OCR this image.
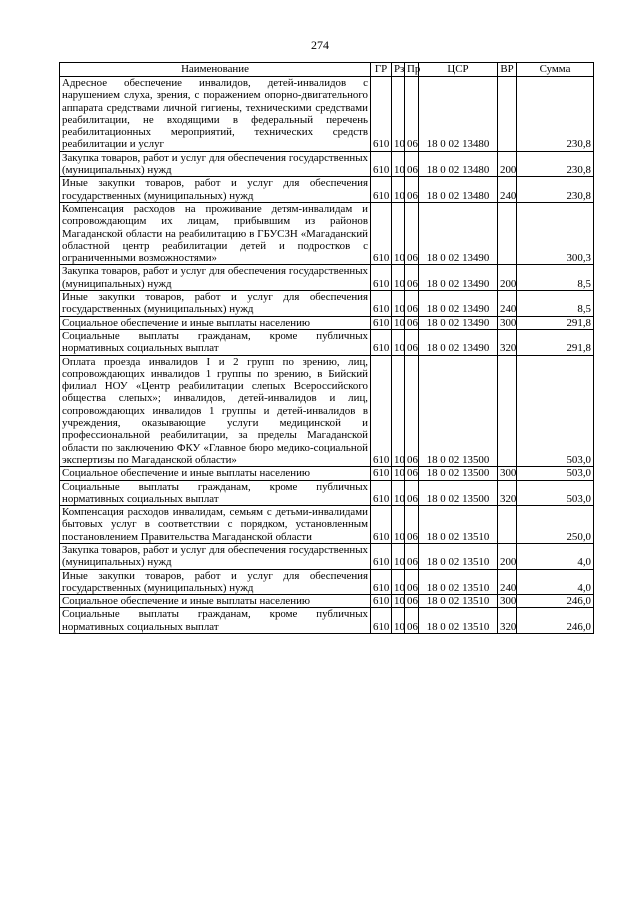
274
Наименование	ГР	Рз	Пр	ЦСР	ВР	Сумма
Адресное обеспечение инвалидов, детей-инвалидов с нарушением слуха, зрения, с поражением опорно-двигательного аппарата средствами личной гигиены, техническими средствами реабилитации, не входящими в федеральный перечень реабилитационных мероприятий, технических средств реабилитации и услуг	610	10	06	18 0 02 13480		230,8
Закупка товаров, работ и услуг для обеспечения государственных (муниципальных) нужд	610	10	06	18 0 02 13480	200	230,8
Иные закупки товаров, работ и услуг для обеспечения государственных (муниципальных) нужд	610	10	06	18 0 02 13480	240	230,8
Компенсация расходов на проживание детям-инвалидам и сопровождающим их лицам, прибывшим из районов Магаданской области на реабилитацию в ГБУСЗН «Магаданский областной центр реабилитации детей и подростков с ограниченными возможностями»	610	10	06	18 0 02 13490		300,3
Закупка товаров, работ и услуг для обеспечения государственных (муниципальных) нужд	610	10	06	18 0 02 13490	200	8,5
Иные закупки товаров, работ и услуг для обеспечения государственных (муниципальных) нужд	610	10	06	18 0 02 13490	240	8,5
Социальное обеспечение и иные выплаты населению	610	10	06	18 0 02 13490	300	291,8
Социальные выплаты гражданам, кроме публичных нормативных социальных выплат	610	10	06	18 0 02 13490	320	291,8
Оплата проезда инвалидов I и 2 групп по зрению, лиц, сопровождающих инвалидов 1 группы по зрению, в Бийский филиал НОУ «Центр реабилитации слепых Всероссийского общества слепых»; инвалидов, детей-инвалидов и лиц, сопровождающих инвалидов 1 группы и детей-инвалидов в учреждения, оказывающие услуги медицинской и профессиональной реабилитации, за пределы Магаданской области по заключению ФКУ «Главное бюро медико-социальной экспертизы по Магаданской области»	610	10	06	18 0 02 13500		503,0
Социальное обеспечение и иные выплаты населению	610	10	06	18 0 02 13500	300	503,0
Социальные выплаты гражданам, кроме публичных нормативных социальных выплат	610	10	06	18 0 02 13500	320	503,0
Компенсация расходов инвалидам, семьям с детьми-инвалидами бытовых услуг в соответствии с порядком, установленным постановлением Правительства Магаданской области	610	10	06	18 0 02 13510		250,0
Закупка товаров, работ и услуг для обеспечения государственных (муниципальных) нужд	610	10	06	18 0 02 13510	200	4,0
Иные закупки товаров, работ и услуг для обеспечения государственных (муниципальных) нужд	610	10	06	18 0 02 13510	240	4,0
Социальное обеспечение и иные выплаты населению	610	10	06	18 0 02 13510	300	246,0
Социальные выплаты гражданам, кроме публичных нормативных социальных выплат	610	10	06	18 0 02 13510	320	246,0
